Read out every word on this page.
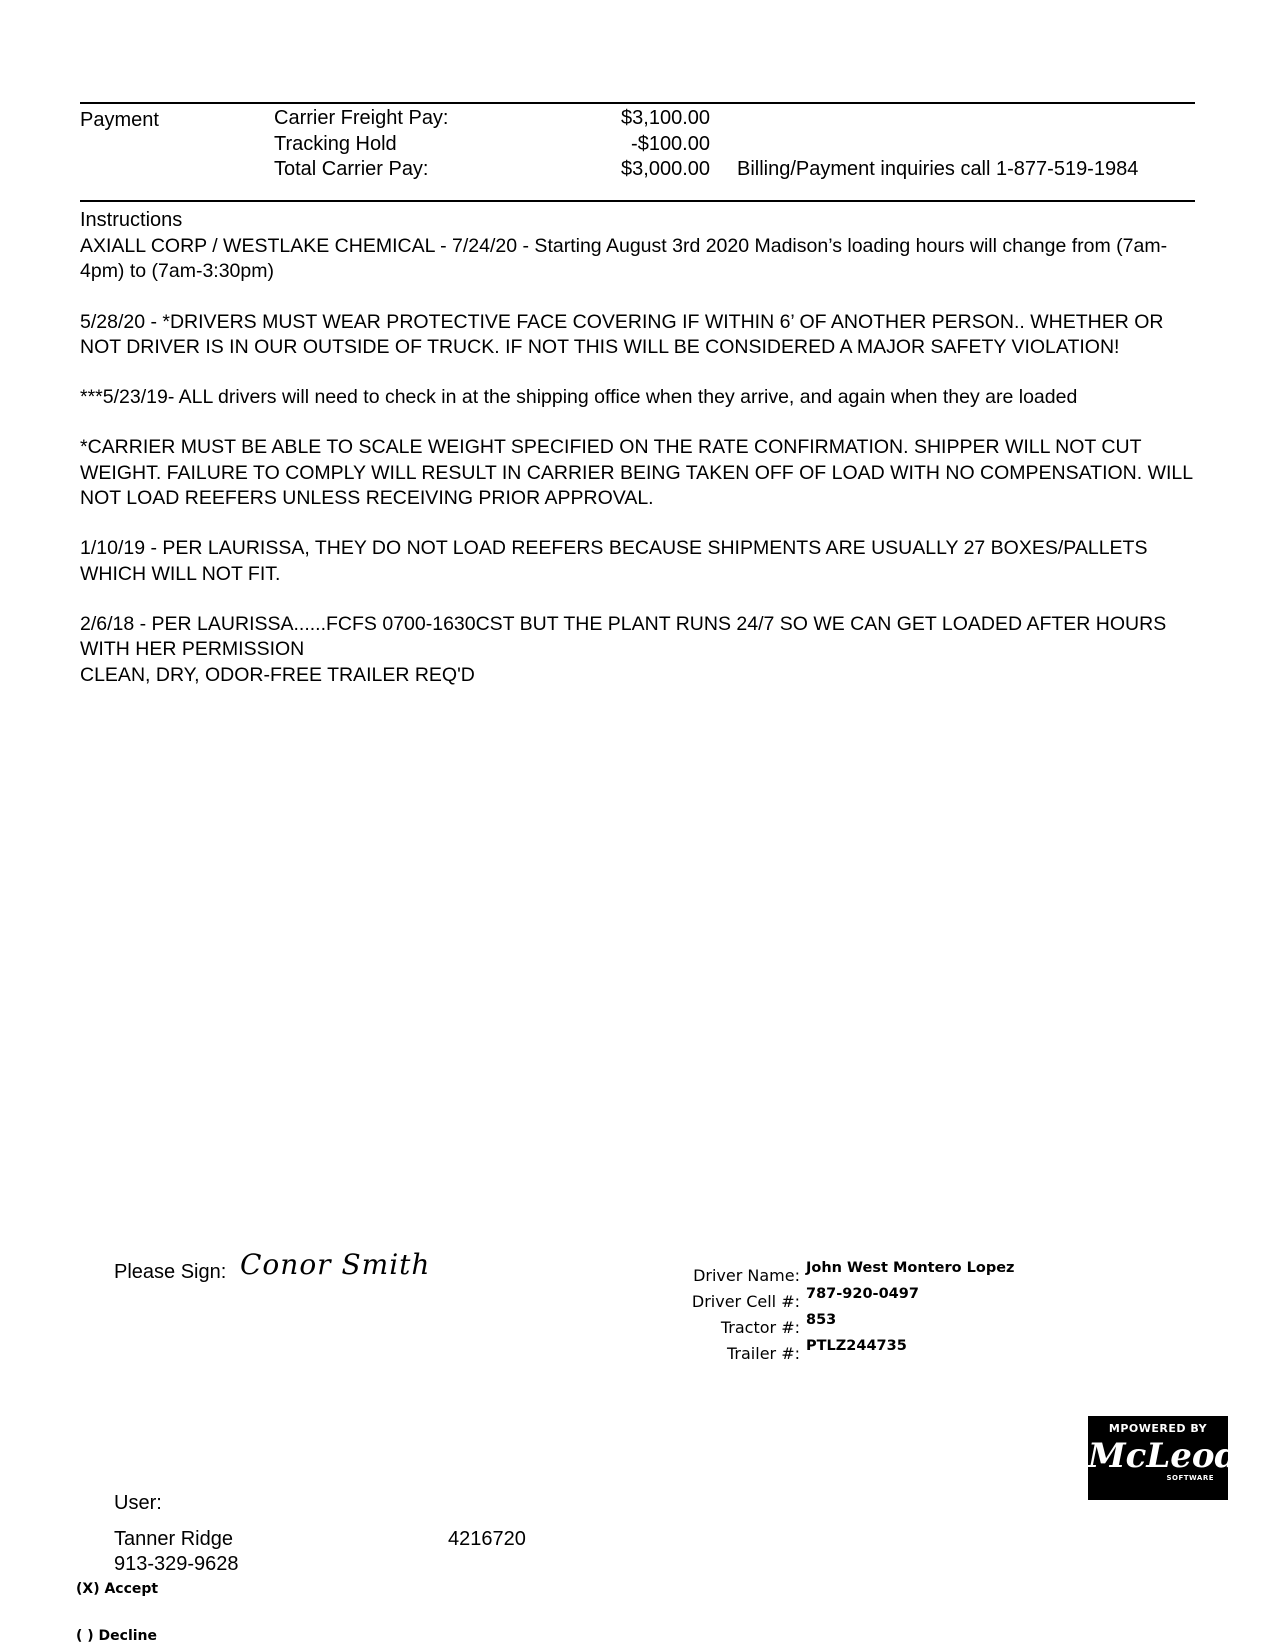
Payment	Carrier Freight Pay:	$3,100.00
Tracking Hold	-$100.00
Total Carrier Pay:	$3,000.00 Billing/Payment inquiries call 1-877-519-1984
Instructions

AXIALL CORP / WESTLAKE CHEMICAL - 7/24/20 - Starting August 3rd 2020 Madison’s loading hours will change from (7am-4pm) to (7am-3:30pm)

5/28/20 - *DRIVERS MUST WEAR PROTECTIVE FACE COVERING IF WITHIN 6’ OF ANOTHER PERSON.. WHETHER OR NOT DRIVER IS IN OUR OUTSIDE OF TRUCK. IF NOT THIS WILL BE CONSIDERED A MAJOR SAFETY VIOLATION!

***5/23/19- ALL drivers will need to check in at the shipping office when they arrive, and again when they are loaded

*CARRIER MUST BE ABLE TO SCALE WEIGHT SPECIFIED ON THE RATE CONFIRMATION. SHIPPER WILL NOT CUT WEIGHT. FAILURE TO COMPLY WILL RESULT IN CARRIER BEING TAKEN OFF OF LOAD WITH NO COMPENSATION. WILL NOT LOAD REEFERS UNLESS RECEIVING PRIOR APPROVAL.

1/10/19 - PER LAURISSA, THEY DO NOT LOAD REEFERS BECAUSE SHIPMENTS ARE USUALLY 27 BOXES/PALLETS WHICH WILL NOT FIT.

2/6/18 - PER LAURISSA......FCFS 0700-1630CST BUT THE PLANT RUNS 24/7 SO WE CAN GET LOADED AFTER HOURS WITH HER PERMISSION
CLEAN, DRY, ODOR-FREE TRAILER REQ'D

Please Sign: Conor Smith	Driver Name: John West Montero Lopez
Driver Cell #: 787-920-0497
Tractor #: 853
Trailer #: PTLZ244735
MPOWERED BY
McLeod
SOFTWARE
User:
Tanner Ridge	4216720
913-329-9628
(X) Accept
( ) Decline
